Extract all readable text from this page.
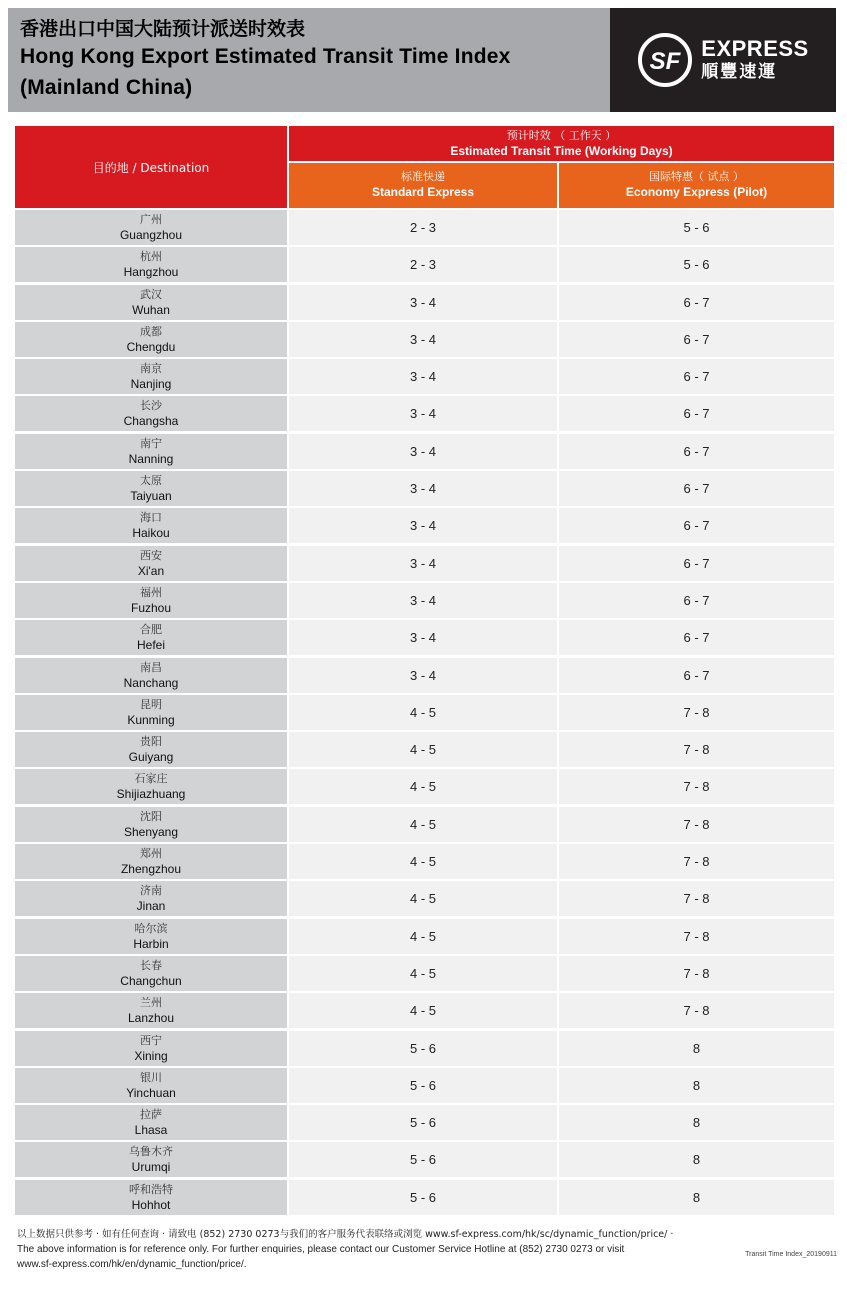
香港出口中国大陆预计派送时效表
Hong Kong Export Estimated Transit Time Index
(Mainland China)
SF EXPRESS
順豐速運
目的地 / Destination
预计时效 （ 工作天 ）
Estimated Transit Time (Working Days)
标准快递
Standard Express
国际特惠（ 试点 ）
Economy Express (Pilot)
广州
Guangzhou	2 - 3	5 - 6
杭州
Hangzhou	2 - 3	5 - 6
武汉
Wuhan	3 - 4	6 - 7
成都
Chengdu	3 - 4	6 - 7
南京
Nanjing	3 - 4	6 - 7
长沙
Changsha	3 - 4	6 - 7
南宁
Nanning	3 - 4	6 - 7
太原
Taiyuan	3 - 4	6 - 7
海口
Haikou	3 - 4	6 - 7
西安
Xi'an	3 - 4	6 - 7
福州
Fuzhou	3 - 4	6 - 7
合肥
Hefei	3 - 4	6 - 7
南昌
Nanchang	3 - 4	6 - 7
昆明
Kunming	4 - 5	7 - 8
贵阳
Guiyang	4 - 5	7 - 8
石家庄
Shijiazhuang	4 - 5	7 - 8
沈阳
Shenyang	4 - 5	7 - 8
郑州
Zhengzhou	4 - 5	7 - 8
济南
Jinan	4 - 5	7 - 8
哈尔滨
Harbin	4 - 5	7 - 8
长春
Changchun	4 - 5	7 - 8
兰州
Lanzhou	4 - 5	7 - 8
西宁
Xining	5 - 6	8
银川
Yinchuan	5 - 6	8
拉萨
Lhasa	5 - 6	8
乌鲁木齐
Urumqi	5 - 6	8
呼和浩特
Hohhot	5 - 6	8
以上数据只供参考 · 如有任何查询 · 请致电 (852) 2730 0273与我们的客户服务代表联络或浏览 www.sf-express.com/hk/sc/dynamic_function/price/ ·
The above information is for reference only. For further enquiries, please contact our Customer Service Hotline at (852) 2730 0273 or visit www.sf-express.com/hk/en/dynamic_function/price/.
Transit Time Index_20190911
